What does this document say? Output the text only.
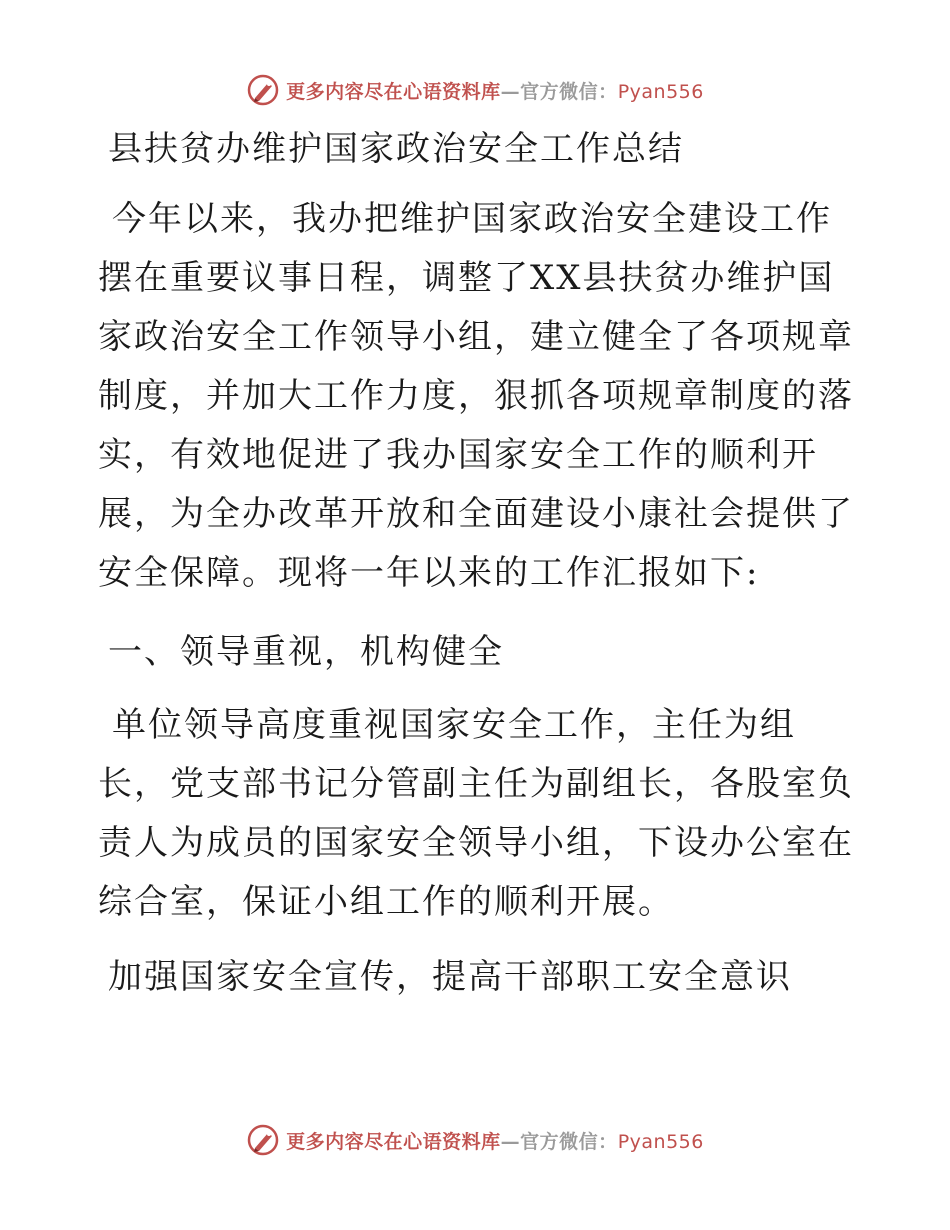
更多内容尽在心语资料库—官方微信：Pyan556
县扶贫办维护国家政治安全工作总结

今年以来，我办把维护国家政治安全建设工作摆在重要议事日程，调整了XX县扶贫办维护国家政治安全工作领导小组，建立健全了各项规章制度，并加大工作力度，狠抓各项规章制度的落实，有效地促进了我办国家安全工作的顺利开展，为全办改革开放和全面建设小康社会提供了安全保障。现将一年以来的工作汇报如下:

一、领导重视，机构健全

单位领导高度重视国家安全工作，主任为组长，党支部书记分管副主任为副组长，各股室负责人为成员的国家安全领导小组，下设办公室在综合室，保证小组工作的顺利开展。

加强国家安全宣传，提高干部职工安全意识

更多内容尽在心语资料库—官方微信：Pyan556
